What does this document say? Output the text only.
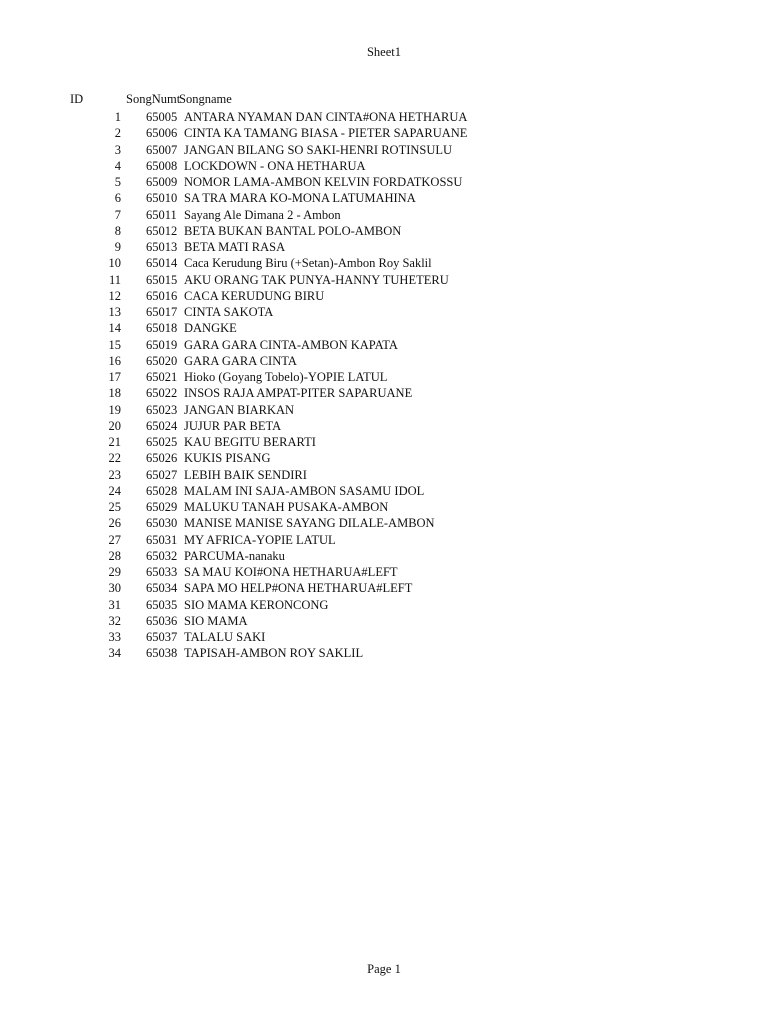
Sheet1
ID	SongNumt
Songname
1 65005 ANTARA NYAMAN DAN CINTA#ONA HETHARUA
2 65006 CINTA KA TAMANG BIASA - PIETER SAPARUANE
3 65007 JANGAN BILANG SO SAKI-HENRI ROTINSULU
4 65008 LOCKDOWN - ONA HETHARUA
5 65009 NOMOR LAMA-AMBON KELVIN FORDATKOSSU
6 65010 SA TRA MARA KO-MONA LATUMAHINA
7 65011 Sayang Ale Dimana 2 - Ambon
8 65012 BETA BUKAN BANTAL POLO-AMBON
9 65013 BETA MATI RASA
10 65014 Caca Kerudung Biru (+Setan)-Ambon Roy Saklil
11 65015 AKU ORANG TAK PUNYA-HANNY TUHETERU
12 65016 CACA KERUDUNG BIRU
13 65017 CINTA SAKOTA
14 65018 DANGKE
15 65019 GARA GARA CINTA-AMBON KAPATA
16 65020 GARA GARA CINTA
17 65021 Hioko (Goyang Tobelo)-YOPIE LATUL
18 65022 INSOS RAJA AMPAT-PITER SAPARUANE
19 65023 JANGAN BIARKAN
20 65024 JUJUR PAR BETA
21 65025 KAU BEGITU BERARTI
22 65026 KUKIS PISANG
23 65027 LEBIH BAIK SENDIRI
24 65028 MALAM INI SAJA-AMBON SASAMU IDOL
25 65029 MALUKU TANAH PUSAKA-AMBON
26 65030 MANISE MANISE SAYANG DILALE-AMBON
27 65031 MY AFRICA-YOPIE LATUL
28 65032 PARCUMA-nanaku
29 65033 SA MAU KOI#ONA HETHARUA#LEFT
30 65034 SAPA MO HELP#ONA HETHARUA#LEFT
31 65035 SIO MAMA KERONCONG
32 65036 SIO MAMA
33 65037 TALALU SAKI
34 65038 TAPISAH-AMBON ROY SAKLIL
Page 1
